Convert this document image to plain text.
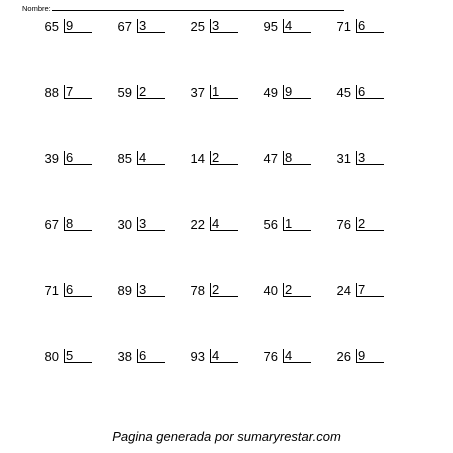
Nombre:
65 9	67 3	25 3	95 4	71 6
88 7	59 2	37 1	49 9	45 6
39 6	85 4	14 2	47 8	31 3
67 8	30 3	22 4	56 1	76 2
71 6	89 3	78 2	40 2	24 7
80 5	38 6	93 4	76 4	26 9
Pagina generada por sumaryrestar.com
